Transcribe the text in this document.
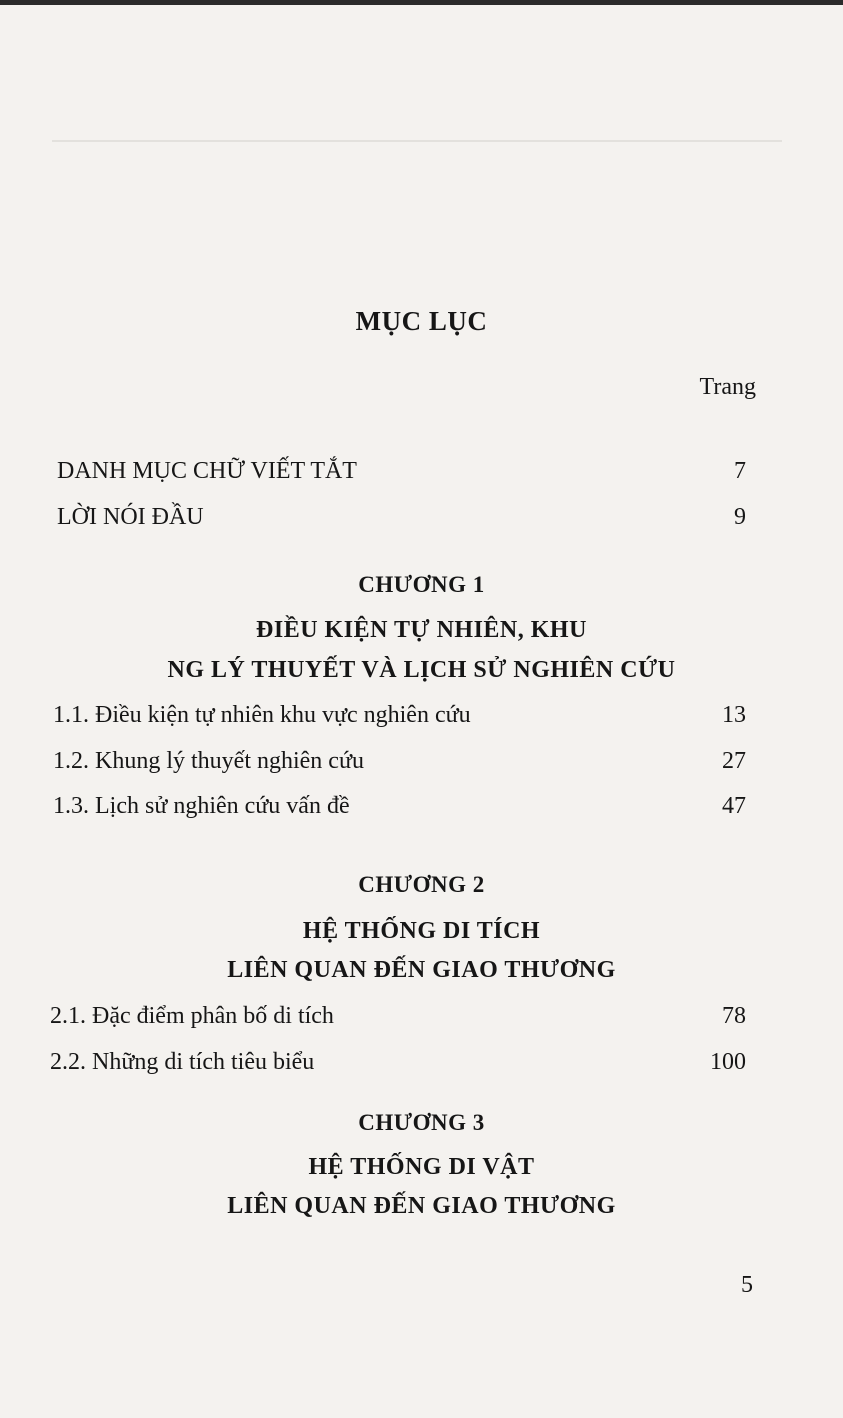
MỤC LỤC
Trang
DANH MỤC CHỮ VIẾT TẮT	7
LỜI NÓI ĐẦU	9
CHƯƠNG 1
ĐIỀU KIỆN TỰ NHIÊN, KHU
NG LÝ THUYẾT VÀ LỊCH SỬ NGHIÊN CỨU
1.1. Điều kiện tự nhiên khu vực nghiên cứu	13
1.2. Khung lý thuyết nghiên cứu	27
1.3. Lịch sử nghiên cứu vấn đề	47
CHƯƠNG 2
HỆ THỐNG DI TÍCH
LIÊN QUAN ĐẾN GIAO THƯƠNG
2.1. Đặc điểm phân bố di tích	78
2.2. Những di tích tiêu biểu	100
CHƯƠNG 3
HỆ THỐNG DI VẬT
LIÊN QUAN ĐẾN GIAO THƯƠNG
5
